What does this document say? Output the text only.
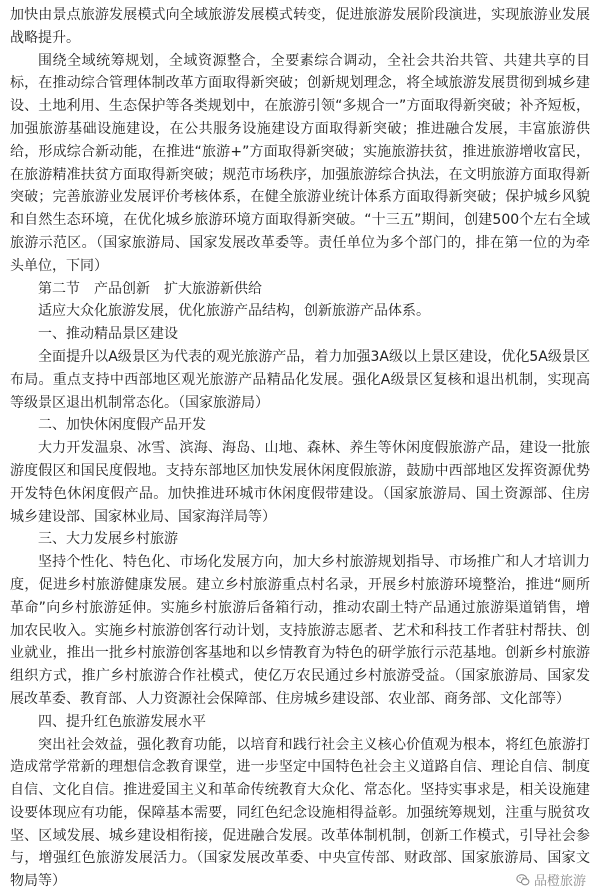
加快由景点旅游发展模式向全域旅游发展模式转变，促进旅游发展阶段演进，实现旅游业发展战略提升。

围绕全域统筹规划，全域资源整合，全要素综合调动，全社会共治共管、共建共享的目标，在推动综合管理体制改革方面取得新突破；创新规划理念，将全域旅游发展贯彻到城乡建设、土地利用、生态保护等各类规划中，在旅游引领“多规合一”方面取得新突破；补齐短板，加强旅游基础设施建设，在公共服务设施建设方面取得新突破；推进融合发展，丰富旅游供给，形成综合新动能，在推进“旅游+”方面取得新突破；实施旅游扶贫，推进旅游增收富民，在旅游精准扶贫方面取得新突破；规范市场秩序，加强旅游综合执法，在文明旅游方面取得新突破；完善旅游业发展评价考核体系，在健全旅游业统计体系方面取得新突破；保护城乡风貌和自然生态环境，在优化城乡旅游环境方面取得新突破。“十三五”期间，创建500个左右全域旅游示范区。（国家旅游局、国家发展改革委等。责任单位为多个部门的，排在第一位的为牵头单位，下同）

第二节　产品创新　扩大旅游新供给

适应大众化旅游发展，优化旅游产品结构，创新旅游产品体系。

一、推动精品景区建设

全面提升以A级景区为代表的观光旅游产品，着力加强3A级以上景区建设，优化5A级景区布局。重点支持中西部地区观光旅游产品精品化发展。强化A级景区复核和退出机制，实现高等级景区退出机制常态化。（国家旅游局）

二、加快休闲度假产品开发

大力开发温泉、冰雪、滨海、海岛、山地、森林、养生等休闲度假旅游产品，建设一批旅游度假区和国民度假地。支持东部地区加快发展休闲度假旅游，鼓励中西部地区发挥资源优势开发特色休闲度假产品。加快推进环城市休闲度假带建设。（国家旅游局、国土资源部、住房城乡建设部、国家林业局、国家海洋局等）

三、大力发展乡村旅游

坚持个性化、特色化、市场化发展方向，加大乡村旅游规划指导、市场推广和人才培训力度，促进乡村旅游健康发展。建立乡村旅游重点村名录，开展乡村旅游环境整治，推进“厕所革命”向乡村旅游延伸。实施乡村旅游后备箱行动，推动农副土特产品通过旅游渠道销售，增加农民收入。实施乡村旅游创客行动计划，支持旅游志愿者、艺术和科技工作者驻村帮扶、创业就业，推出一批乡村旅游创客基地和以乡情教育为特色的研学旅行示范基地。创新乡村旅游组织方式，推广乡村旅游合作社模式，使亿万农民通过乡村旅游受益。（国家旅游局、国家发展改革委、教育部、人力资源社会保障部、住房城乡建设部、农业部、商务部、文化部等）

四、提升红色旅游发展水平

突出社会效益，强化教育功能，以培育和践行社会主义核心价值观为根本，将红色旅游打造成常学常新的理想信念教育课堂，进一步坚定中国特色社会主义道路自信、理论自信、制度自信、文化自信。推进爱国主义和革命传统教育大众化、常态化。坚持实事求是，相关设施建设要体现应有功能，保障基本需要，同红色纪念设施相得益彰。加强统筹规划，注重与脱贫攻坚、区域发展、城乡建设相衔接，促进融合发展。改革体制机制，创新工作模式，引导社会参与，增强红色旅游发展活力。（国家发展改革委、中央宣传部、财政部、国家旅游局、国家文物局等）	品橙旅游
